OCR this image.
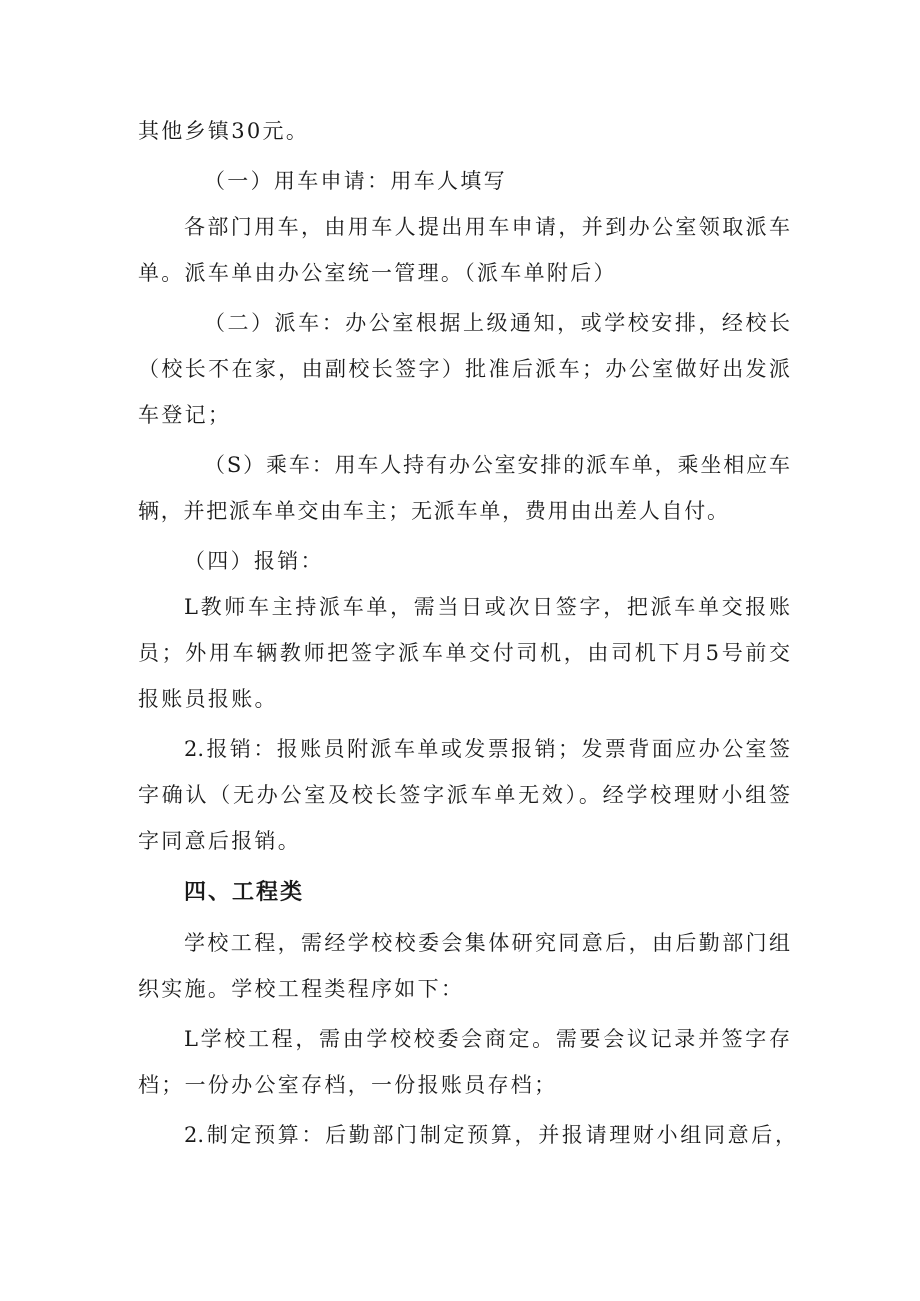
其他乡镇30元。
（一）用车申请：用车人填写
各部门用车，由用车人提出用车申请，并到办公室领取派车
单。派车单由办公室统一管理。（派车单附后）
（二）派车：办公室根据上级通知，或学校安排，经校长
（校长不在家，由副校长签字）批准后派车；办公室做好出发派
车登记；
（S）乘车：用车人持有办公室安排的派车单，乘坐相应车
辆，并把派车单交由车主；无派车单，费用由出差人自付。
（四）报销：
L教师车主持派车单，需当日或次日签字，把派车单交报账
员；外用车辆教师把签字派车单交付司机，由司机下月5号前交
报账员报账。
2.报销：报账员附派车单或发票报销；发票背面应办公室签
字确认（无办公室及校长签字派车单无效）。经学校理财小组签
字同意后报销。
四、工程类
学校工程，需经学校校委会集体研究同意后，由后勤部门组
织实施。学校工程类程序如下：
L学校工程，需由学校校委会商定。需要会议记录并签字存
档；一份办公室存档，一份报账员存档；
2.制定预算：后勤部门制定预算，并报请理财小组同意后，
